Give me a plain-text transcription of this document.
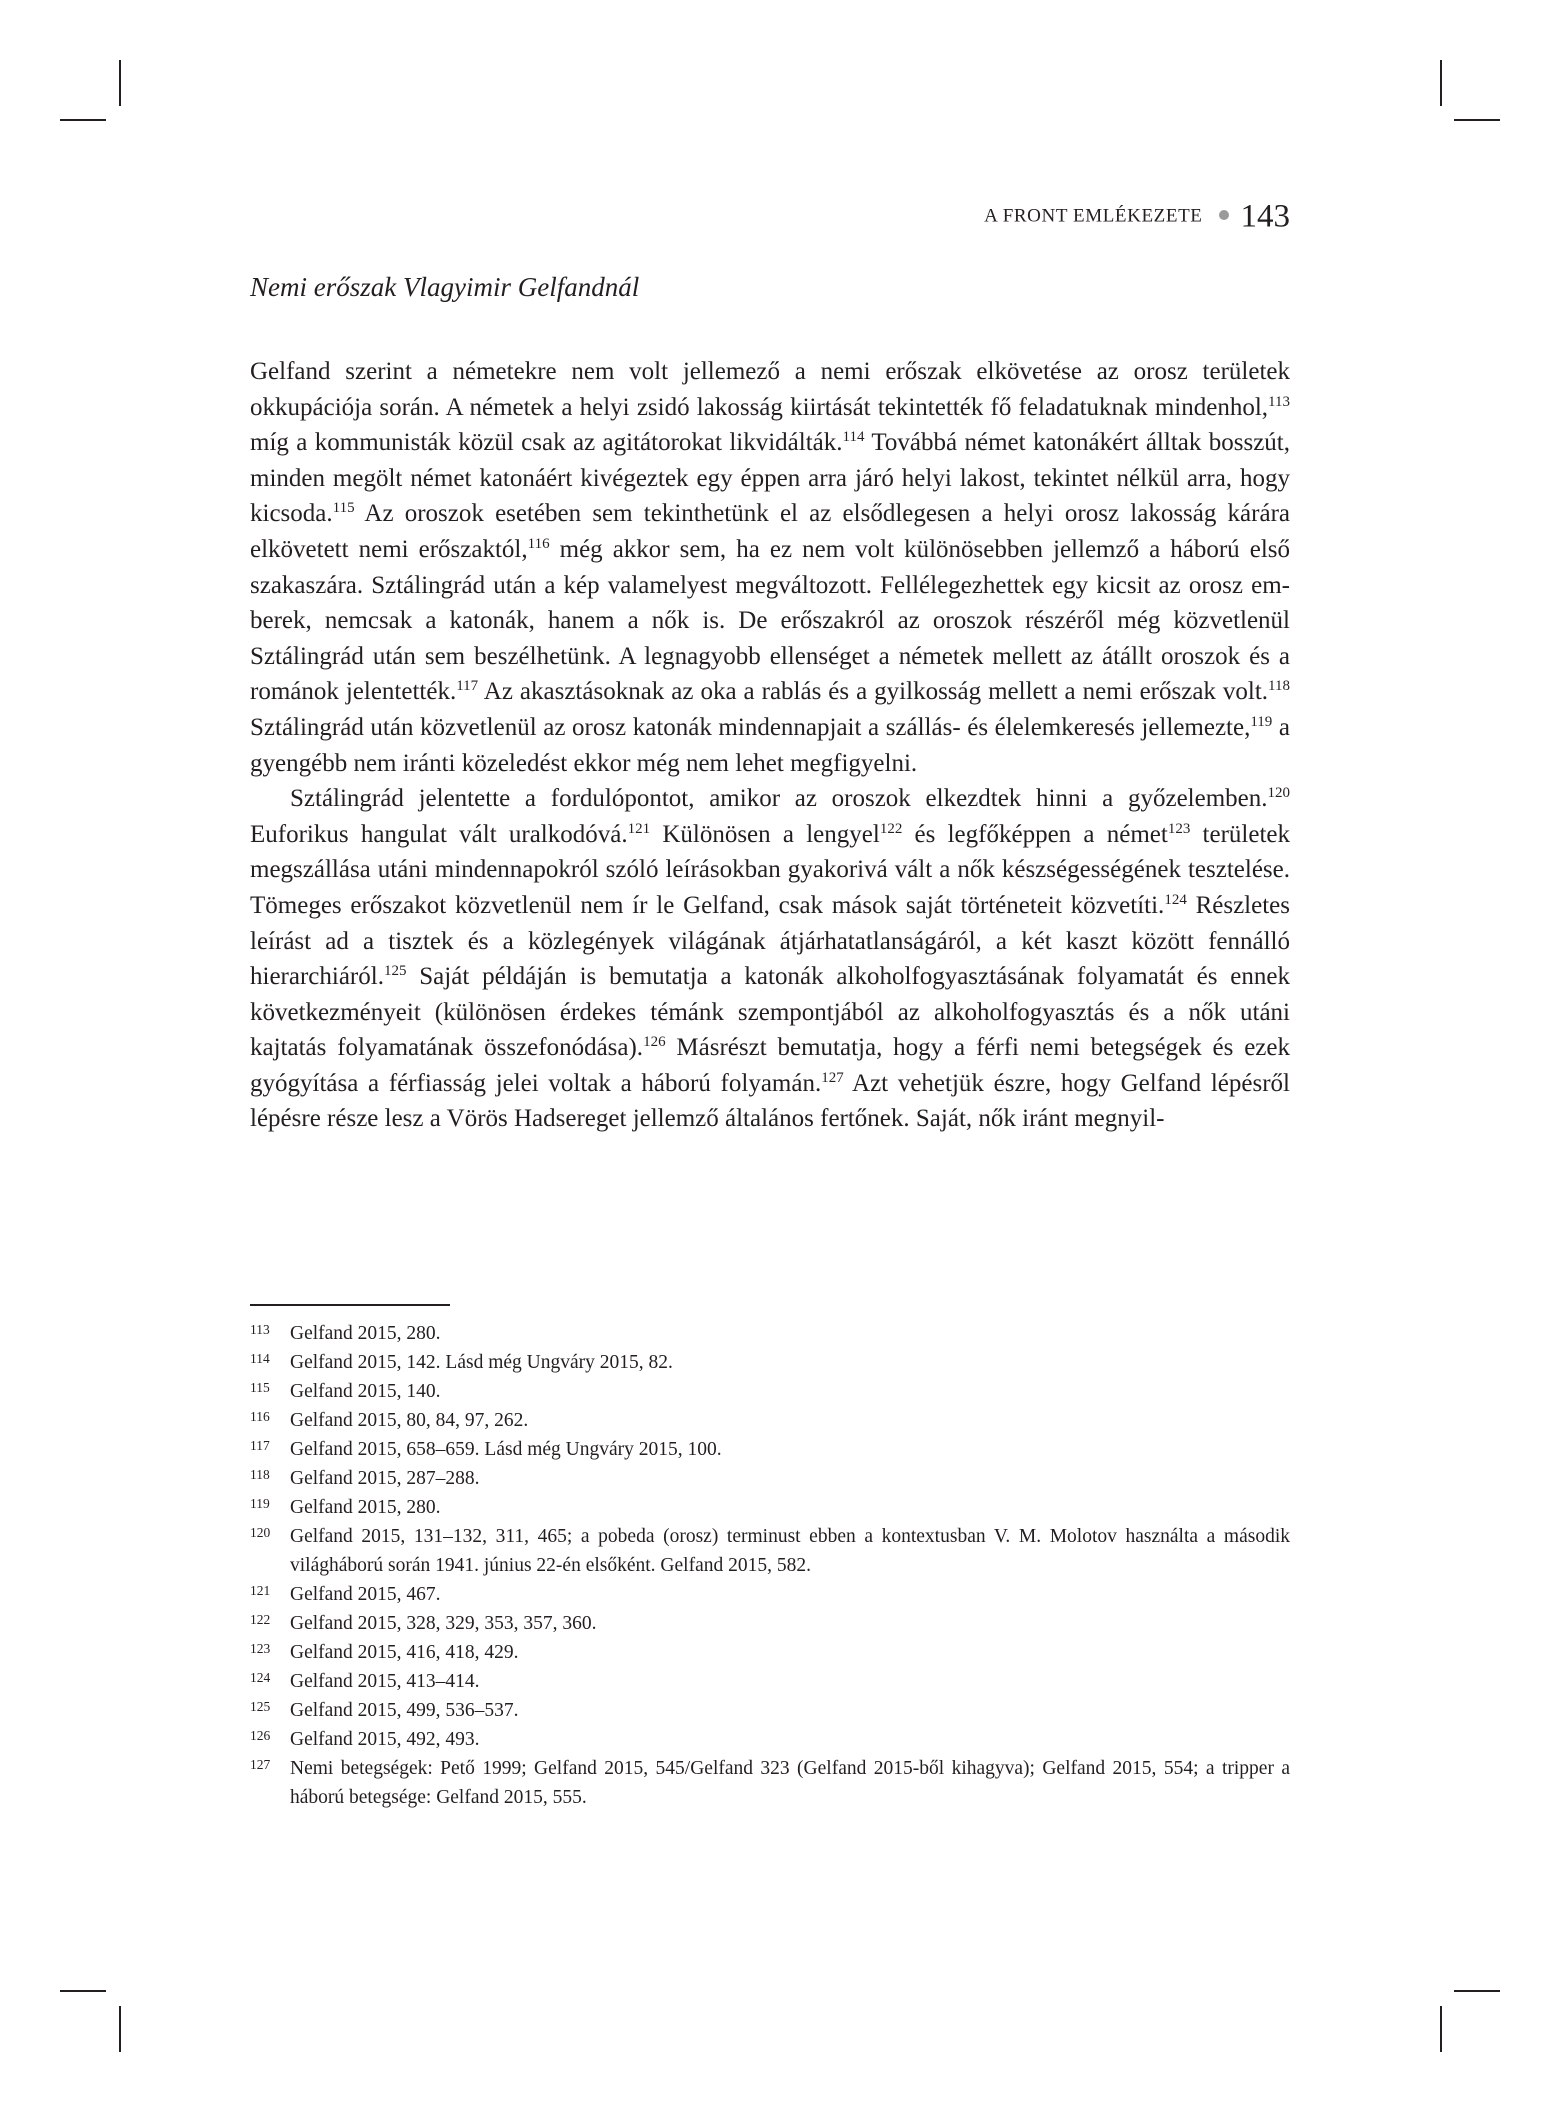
A FRONT EMLÉKEZETE 143
Nemi erőszak Vlagyimir Gelfandnál

Gelfand szerint a németekre nem volt jellemező a nemi erőszak elkövetése az orosz területek okkupációja során. A németek a helyi zsidó lakosság kiirtását tekintették fő feladatuknak mindenhol,$^{113}$ míg a kommunisták közül csak az agitátorokat likvidálták.$^{114}$ Továbbá német katonákért álltak bosszút, minden megölt német katonáért kivégeztek egy éppen arra járó helyi lakost, tekintet nélkül arra, hogy kicsoda.$^{115}$ Az oroszok esetében sem tekinthetünk el az elsődlegesen a helyi orosz lakosság kárára elkövetett nemi erőszaktól,$^{116}$ még akkor sem, ha ez nem volt különösebben jellemző a háború első szakaszára. Sztálingrád után a kép valamelyest megváltozott. Fellélegezhettek egy kicsit az orosz emberek, nemcsak a katonák, hanem a nők is. De erőszakról az oroszok részéről még közvetlenül Sztálingrád után sem beszélhetünk. A legnagyobb ellenséget a németek mellett az átállt oroszok és a románok jelentették.$^{117}$ Az akasztásoknak az oka a rablás és a gyilkosság mellett a nemi erőszak volt.$^{118}$ Sztálingrád után közvetlenül az orosz katonák mindennapjait a szállás- és élelemkeresés jellemezte,$^{119}$ a gyengébb nem iránti közeledést ekkor még nem lehet megfigyelni.

Sztálingrád jelentette a fordulópontot, amikor az oroszok elkezdtek hinni a győzelemben.$^{120}$ Euforikus hangulat vált uralkodóvá.$^{121}$ Különösen a lengyel$^{122}$ és legfőképpen a német$^{123}$ területek megszállása utáni mindennapokról szóló leírásokban gyakorivá vált a nők készségességének tesztelése. Tömeges erőszakot közvetlenül nem ír le Gelfand, csak mások saját történeteit közvetíti.$^{124}$ Részletes leírást ad a tisztek és a közlegények világának átjárhatatlanságáról, a két kaszt között fennálló hierarchiáról.$^{125}$ Saját példáján is bemutatja a katonák alkoholfogyasztásának folyamatát és ennek következményeit (különösen érdekes témánk szempontjából az alkoholfogyasztás és a nők utáni kajtatás folyamatának összefonódása).$^{126}$ Másrészt bemutatja, hogy a férfi nemi betegségek és ezek gyógyítása a férfiasság jelei voltak a háború folyamán.$^{127}$ Azt vehetjük észre, hogy Gelfand lépésről lépésre része lesz a Vörös Hadsereget jellemző általános fertőnek. Saját, nők iránt megnyil-

113 Gelfand 2015, 280.
114 Gelfand 2015, 142. Lásd még Ungváry 2015, 82.
115 Gelfand 2015, 140.
116 Gelfand 2015, 80, 84, 97, 262.
117 Gelfand 2015, 658–659. Lásd még Ungváry 2015, 100.
118 Gelfand 2015, 287–288.
119 Gelfand 2015, 280.
120 Gelfand 2015, 131–132, 311, 465; a pobeda (orosz) terminust ebben a kontextusban V. M. Molotov használta a második világháború során 1941. június 22-én elsőként. Gelfand 2015, 582.
121 Gelfand 2015, 467.
122 Gelfand 2015, 328, 329, 353, 357, 360.
123 Gelfand 2015, 416, 418, 429.
124 Gelfand 2015, 413–414.
125 Gelfand 2015, 499, 536–537.
126 Gelfand 2015, 492, 493.
127 Nemi betegségek: Pető 1999; Gelfand 2015, 545/Gelfand 323 (Gelfand 2015-ből kihagyva); Gelfand 2015, 554; a tripper a háború betegsége: Gelfand 2015, 555.
